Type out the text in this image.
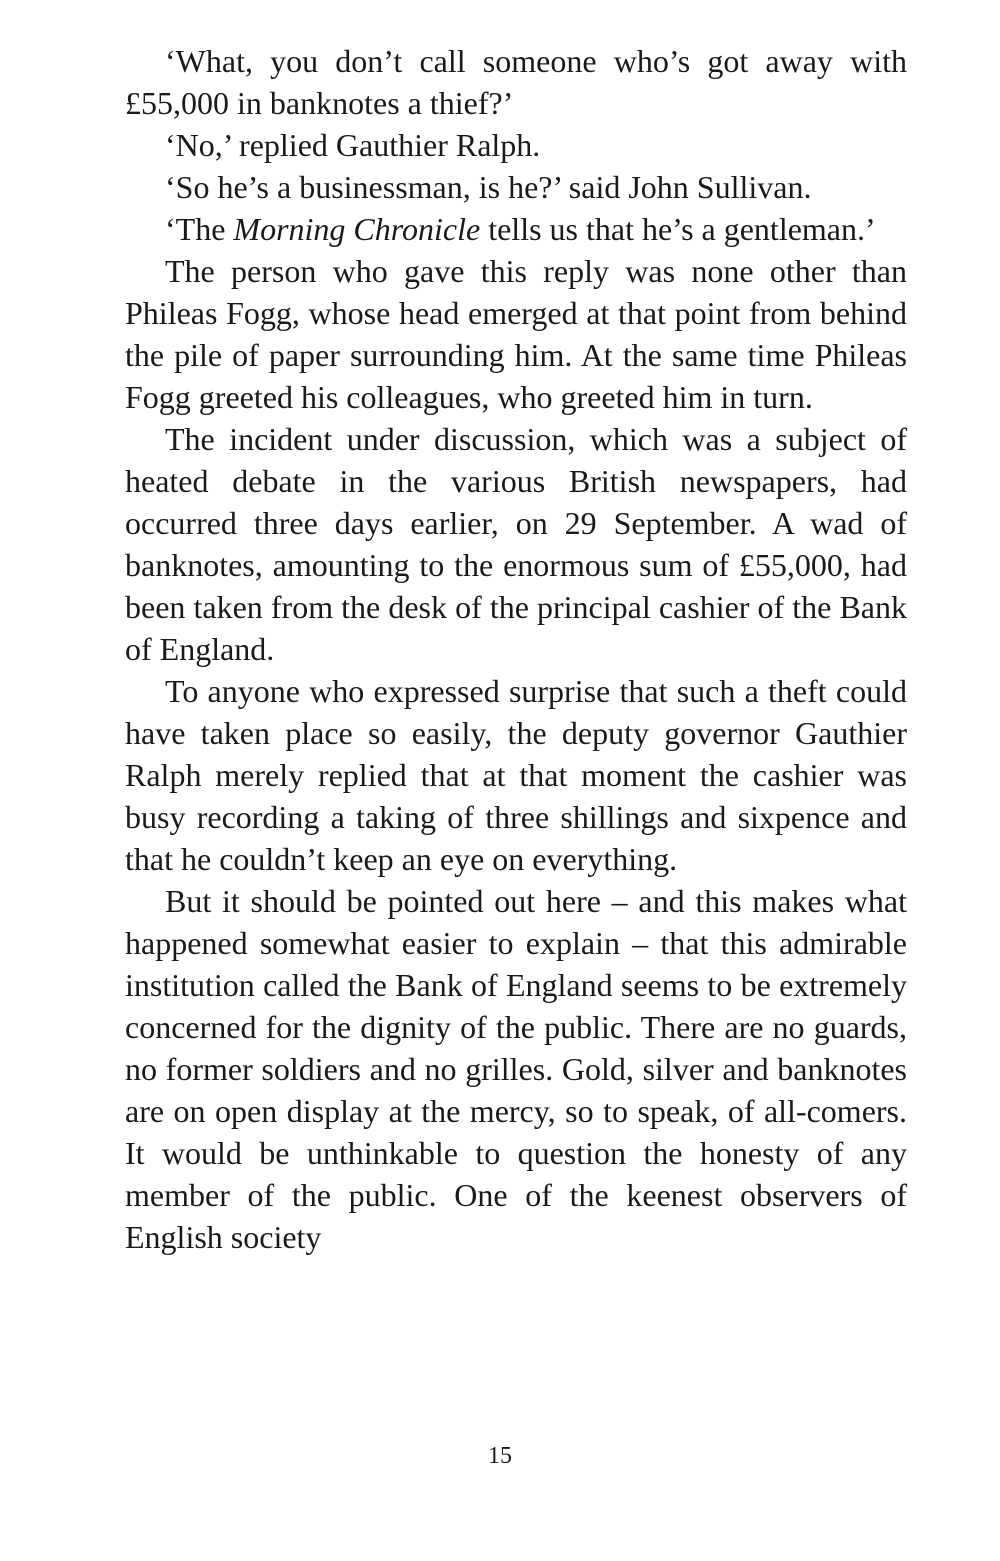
‘What, you don’t call someone who’s got away with £55,000 in banknotes a thief?’

‘No,’ replied Gauthier Ralph.

‘So he’s a businessman, is he?’ said John Sullivan.

‘The Morning Chronicle tells us that he’s a gentleman.’

The person who gave this reply was none other than Phileas Fogg, whose head emerged at that point from behind the pile of paper surrounding him. At the same time Phileas Fogg greeted his colleagues, who greeted him in turn.

The incident under discussion, which was a subject of heated debate in the various British newspapers, had occurred three days earlier, on 29 September. A wad of banknotes, amounting to the enormous sum of £55,000, had been taken from the desk of the principal cashier of the Bank of England.

To anyone who expressed surprise that such a theft could have taken place so easily, the deputy governor Gauthier Ralph merely replied that at that moment the cashier was busy recording a taking of three shillings and sixpence and that he couldn’t keep an eye on everything.

But it should be pointed out here – and this makes what happened somewhat easier to explain – that this admirable institution called the Bank of England seems to be extremely concerned for the dignity of the public. There are no guards, no former soldiers and no grilles. Gold, silver and banknotes are on open display at the mercy, so to speak, of all-comers. It would be unthinkable to question the honesty of any member of the public. One of the keenest observers of English society

15
